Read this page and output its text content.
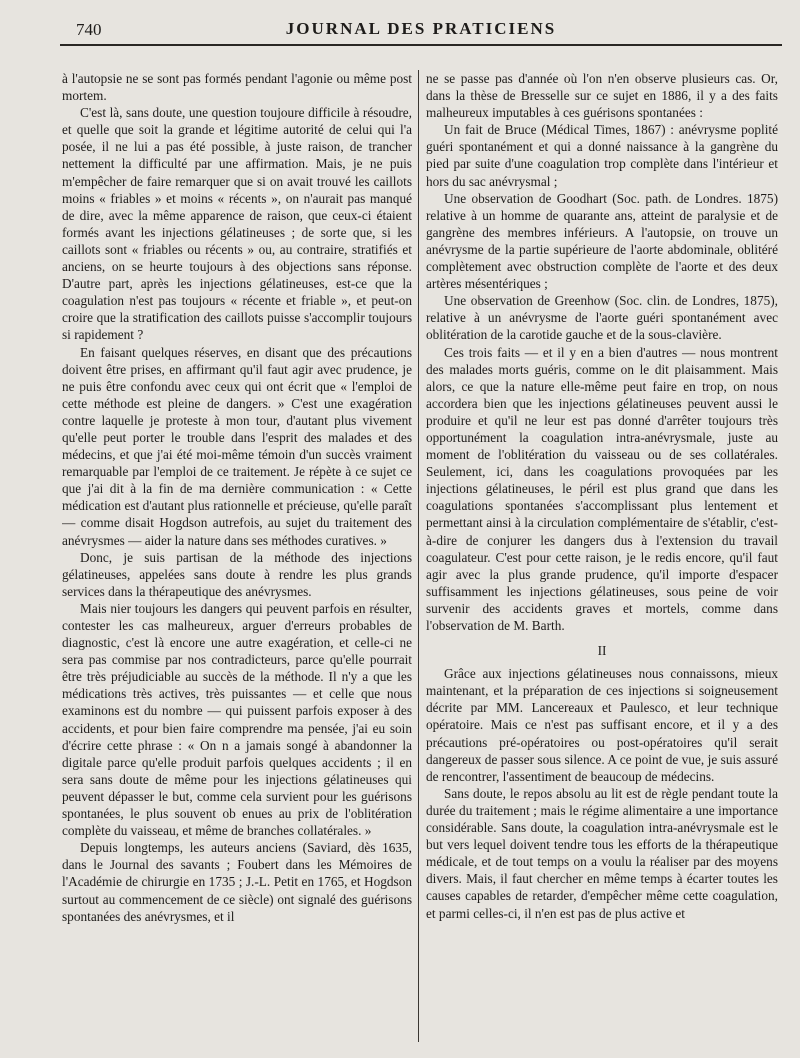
740	JOURNAL DES PRATICIENS

à l'autopsie ne se sont pas formés pendant l'agonie ou même post mortem.

C'est là, sans doute, une question toujoure difficile à résoudre, et quelle que soit la grande et légitime autorité de celui qui l'a posée, il ne lui a pas été possible, à juste raison, de trancher nettement la difficulté par une affirmation. Mais, je ne puis m'empêcher de faire remarquer que si on avait trouvé les caillots moins « friables » et moins « récents », on n'aurait pas manqué de dire, avec la même apparence de raison, que ceux-ci étaient formés avant les injections gélatineuses ; de sorte que, si les caillots sont « friables ou récents » ou, au contraire, stratifiés et anciens, on se heurte toujours à des objections sans réponse. D'autre part, après les injections gélatineuses, est-ce que la coagulation n'est pas toujours « récente et friable », et peut-on croire que la stratification des caillots puisse s'accomplir toujours si rapidement ?

En faisant quelques réserves, en disant que des précautions doivent être prises, en affirmant qu'il faut agir avec prudence, je ne puis être confondu avec ceux qui ont écrit que « l'emploi de cette méthode est pleine de dangers. » C'est une exagération contre laquelle je proteste à mon tour, d'autant plus vivement qu'elle peut porter le trouble dans l'esprit des malades et des médecins, et que j'ai été moi-même témoin d'un succès vraiment remarquable par l'emploi de ce traitement. Je répète à ce sujet ce que j'ai dit à la fin de ma dernière communication : « Cette médication est d'autant plus rationnelle et précieuse, qu'elle paraît — comme disait Hogdson autrefois, au sujet du traitement des anévrysmes — aider la nature dans ses méthodes curatives. »

Donc, je suis partisan de la méthode des injections gélatineuses, appelées sans doute à rendre les plus grands services dans la thérapeutique des anévrysmes.

Mais nier toujours les dangers qui peuvent parfois en résulter, contester les cas malheureux, arguer d'erreurs probables de diagnostic, c'est là encore une autre exagération, et celle-ci ne sera pas commise par nos contradicteurs, parce qu'elle pourrait être très préjudiciable au succès de la méthode. Il n'y a que les médications très actives, très puissantes — et celle que nous examinons est du nombre — qui puissent parfois exposer à des accidents, et pour bien faire comprendre ma pensée, j'ai eu soin d'écrire cette phrase : « On n a jamais songé à abandonner la digitale parce qu'elle produit parfois quelques accidents ; il en sera sans doute de même pour les injections gélatineuses qui peuvent dépasser le but, comme cela survient pour les guérisons spontanées, le plus souvent ob enues au prix de l'oblitération complète du vaisseau, et même de branches collatérales. »

Depuis longtemps, les auteurs anciens (Saviard, dès 1635, dans le Journal des savants ; Foubert dans les Mémoires de l'Académie de chirurgie en 1735 ; J.-L. Petit en 1765, et Hogdson surtout au commencement de ce siècle) ont signalé des guérisons spontanées des anévrysmes, et il

ne se passe pas d'année où l'on n'en observe plusieurs cas. Or, dans la thèse de Bresselle sur ce sujet en 1886, il y a des faits malheureux imputables à ces guérisons spontanées :

Un fait de Bruce (Médical Times, 1867) : anévrysme poplité guéri spontanément et qui a donné naissance à la gangrène du pied par suite d'une coagulation trop complète dans l'intérieur et hors du sac anévrysmal ;

Une observation de Goodhart (Soc. path. de Londres. 1875) relative à un homme de quarante ans, atteint de paralysie et de gangrène des membres inférieurs. A l'autopsie, on trouve un anévrysme de la partie supérieure de l'aorte abdominale, oblitéré complètement avec obstruction complète de l'aorte et des deux artères mésentériques ;

Une observation de Greenhow (Soc. clin. de Londres, 1875), relative à un anévrysme de l'aorte guéri spontanément avec oblitération de la carotide gauche et de la sous-clavière.

Ces trois faits — et il y en a bien d'autres — nous montrent des malades morts guéris, comme on le dit plaisamment. Mais alors, ce que la nature elle-même peut faire en trop, on nous accordera bien que les injections gélatineuses peuvent aussi le produire et qu'il ne leur est pas donné d'arrêter toujours très opportunément la coagulation intra-anévrysmale, juste au moment de l'oblitération du vaisseau ou de ses collatérales. Seulement, ici, dans les coagulations provoquées par les injections gélatineuses, le péril est plus grand que dans les coagulations spontanées s'accomplissant plus lentement et permettant ainsi à la circulation complémentaire de s'établir, c'est-à-dire de conjurer les dangers dus à l'extension du travail coagulateur. C'est pour cette raison, je le redis encore, qu'il faut agir avec la plus grande prudence, qu'il importe d'espacer suffisamment les injections gélatineuses, sous peine de voir survenir des accidents graves et mortels, comme dans l'observation de M. Barth.

II

Grâce aux injections gélatineuses nous connaissons, mieux maintenant, et la préparation de ces injections si soigneusement décrite par MM. Lancereaux et Paulesco, et leur technique opératoire. Mais ce n'est pas suffisant encore, et il y a des précautions pré-opératoires ou post-opératoires qu'il serait dangereux de passer sous silence. A ce point de vue, je suis assuré de rencontrer, l'assentiment de beaucoup de médecins.

Sans doute, le repos absolu au lit est de règle pendant toute la durée du traitement ; mais le régime alimentaire a une importance considérable. Sans doute, la coagulation intra-anévrysmale est le but vers lequel doivent tendre tous les efforts de la thérapeutique médicale, et de tout temps on a voulu la réaliser par des moyens divers. Mais, il faut chercher en même temps à écarter toutes les causes capables de retarder, d'empêcher même cette coagulation, et parmi celles-ci, il n'en est pas de plus active et
